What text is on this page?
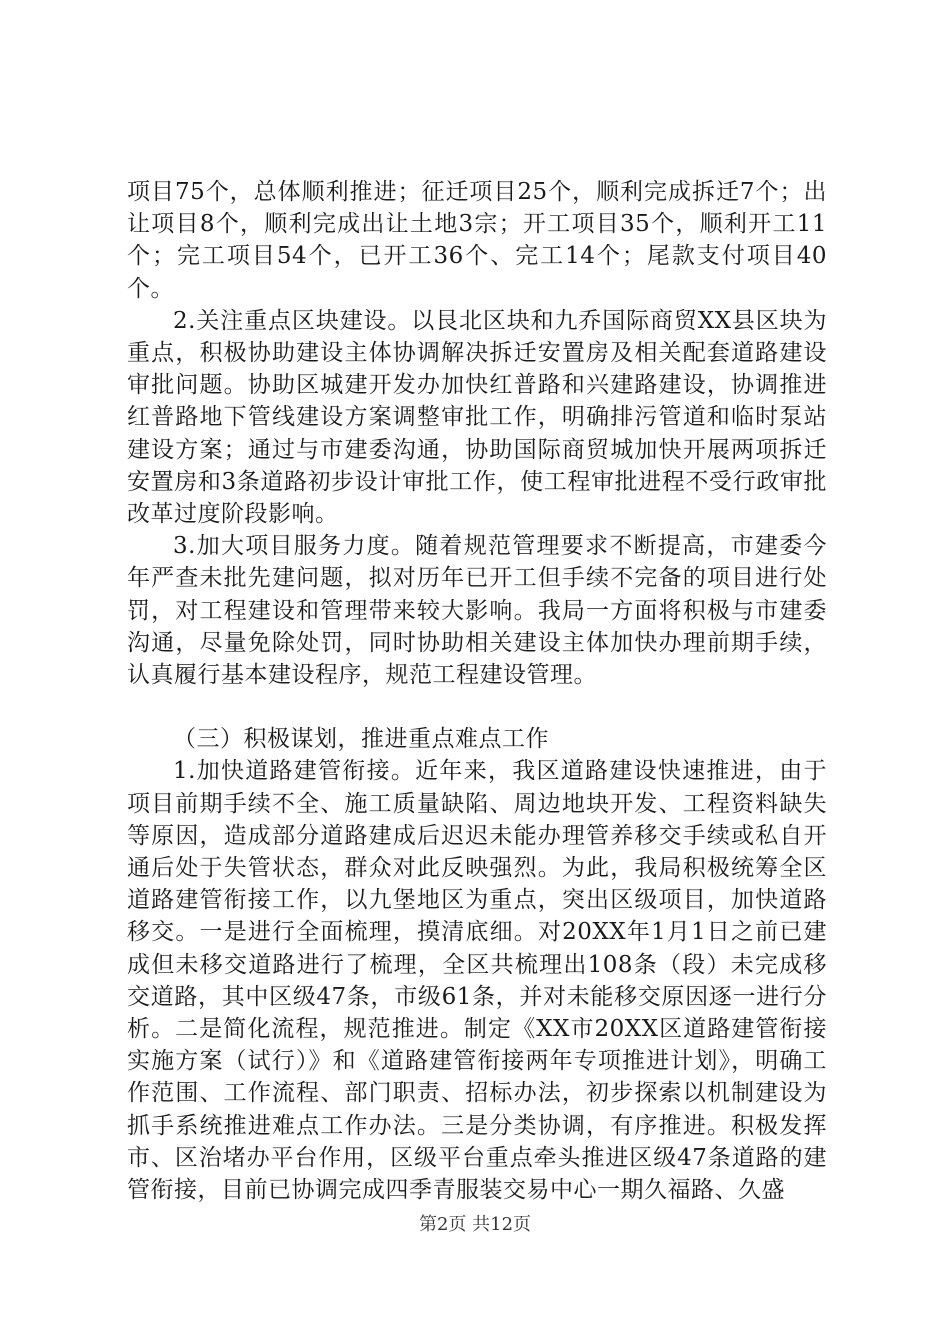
项目75个，总体顺利推进；征迁项目25个，顺利完成拆迁7个；出让项目8个，顺利完成出让土地3宗；开工项目35个，顺利开工11个；完工项目54个，已开工36个、完工14个；尾款支付项目40个。

2.关注重点区块建设。以艮北区块和九乔国际商贸XX县区块为重点，积极协助建设主体协调解决拆迁安置房及相关配套道路建设审批问题。协助区城建开发办加快红普路和兴建路建设，协调推进红普路地下管线建设方案调整审批工作，明确排污管道和临时泵站建设方案；通过与市建委沟通，协助国际商贸城加快开展两项拆迁安置房和3条道路初步设计审批工作，使工程审批进程不受行政审批改革过度阶段影响。

3.加大项目服务力度。随着规范管理要求不断提高，市建委今年严查未批先建问题，拟对历年已开工但手续不完备的项目进行处罚，对工程建设和管理带来较大影响。我局一方面将积极与市建委沟通，尽量免除处罚，同时协助相关建设主体加快办理前期手续，认真履行基本建设程序，规范工程建设管理。

（三）积极谋划，推进重点难点工作

1.加快道路建管衔接。近年来，我区道路建设快速推进，由于项目前期手续不全、施工质量缺陷、周边地块开发、工程资料缺失等原因，造成部分道路建成后迟迟未能办理管养移交手续或私自开通后处于失管状态，群众对此反映强烈。为此，我局积极统筹全区道路建管衔接工作，以九堡地区为重点，突出区级项目，加快道路移交。一是进行全面梳理，摸清底细。对20XX年1月1日之前已建成但未移交道路进行了梳理，全区共梳理出108条（段）未完成移交道路，其中区级47条，市级61条，并对未能移交原因逐一进行分析。二是简化流程，规范推进。制定《XX市20XX区道路建管衔接实施方案（试行）》和《道路建管衔接两年专项推进计划》，明确工作范围、工作流程、部门职责、招标办法，初步探索以机制建设为抓手系统推进难点工作办法。三是分类协调，有序推进。积极发挥市、区治堵办平台作用，区级平台重点牵头推进区级47条道路的建管衔接，目前已协调完成四季青服装交易中心一期久福路、久盛

第2页 共12页
